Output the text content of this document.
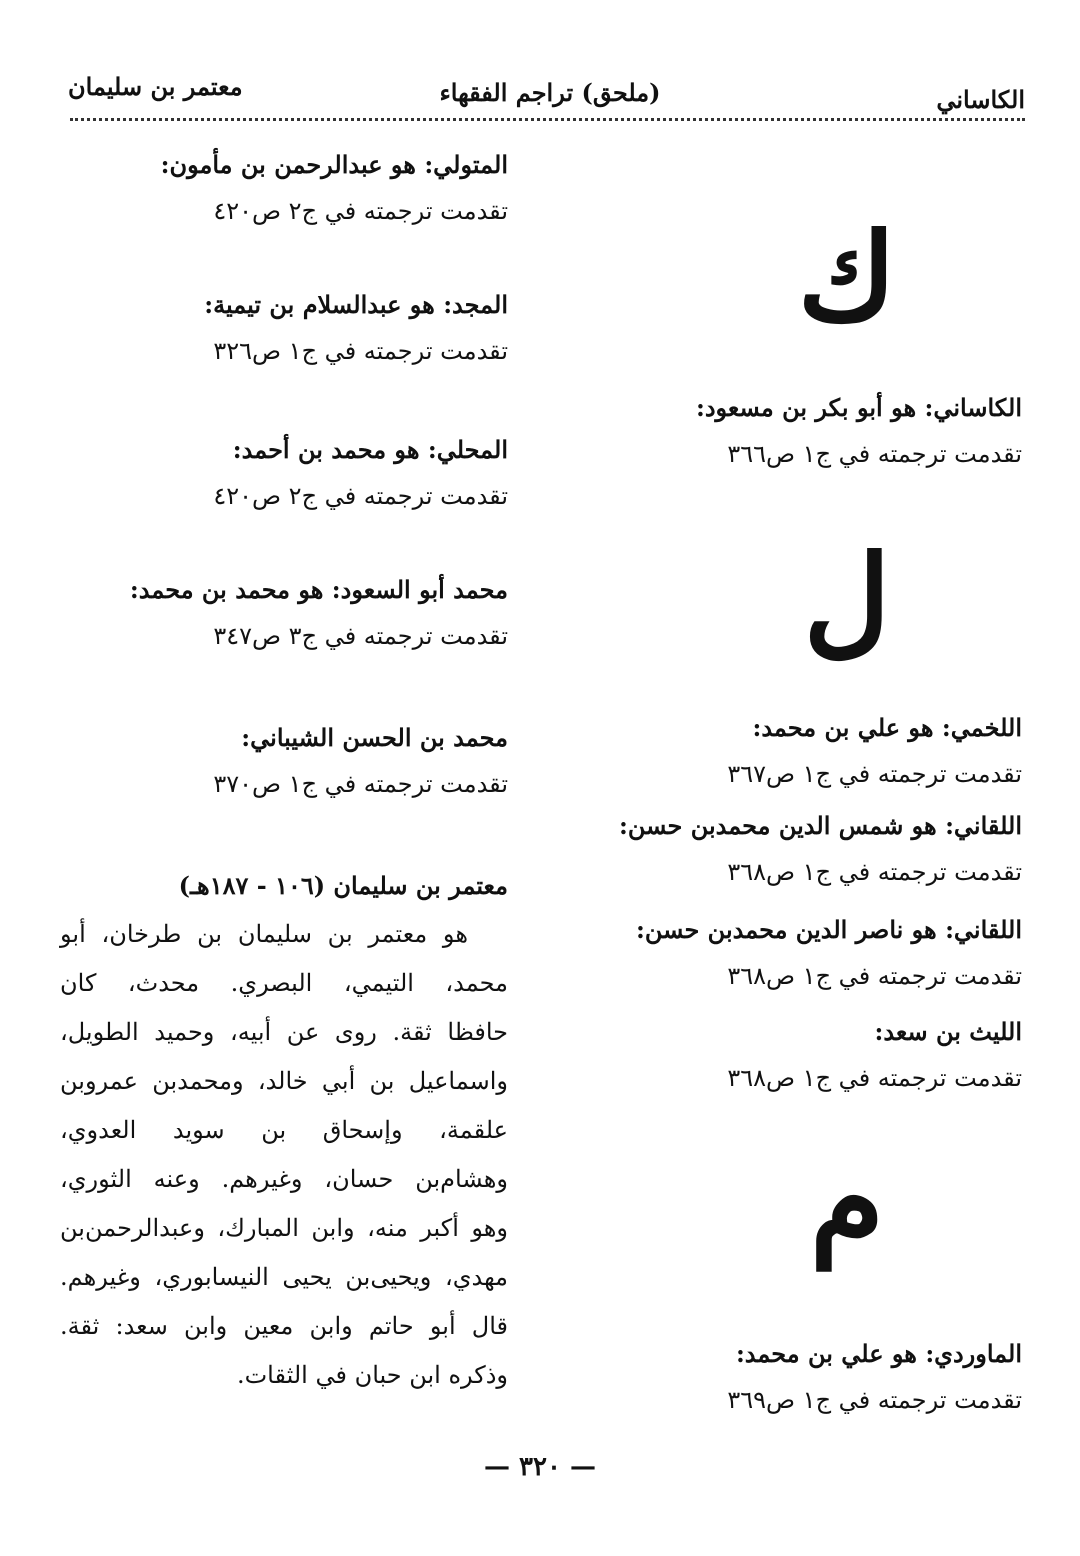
الكاساني
(ملحق) تراجم الفقهاء
معتمر بن سليمان
ك
الكاساني: هو أبو بكر بن مسعود:
تقدمت ترجمته في ج١ ص٣٦٦
ل
اللخمي: هو علي بن محمد:
تقدمت ترجمته في ج١ ص٣٦٧
اللقاني: هو شمس الدين محمدبن حسن:
تقدمت ترجمته في ج١ ص٣٦٨
اللقاني: هو ناصر الدين محمدبن حسن:
تقدمت ترجمته في ج١ ص٣٦٨
الليث بن سعد:
تقدمت ترجمته في ج١ ص٣٦٨
م
الماوردي: هو علي بن محمد:
تقدمت ترجمته في ج١ ص٣٦٩
المتولي: هو عبدالرحمن بن مأمون:
تقدمت ترجمته في ج٢ ص٤٢٠
المجد: هو عبدالسلام بن تيمية:
تقدمت ترجمته في ج١ ص٣٢٦
المحلي: هو محمد بن أحمد:
تقدمت ترجمته في ج٢ ص٤٢٠
محمد أبو السعود: هو محمد بن محمد:
تقدمت ترجمته في ج٣ ص٣٤٧
محمد بن الحسن الشيباني:
تقدمت ترجمته في ج١ ص٣٧٠
معتمر بن سليمان (١٠٦ - ١٨٧هـ)

هو معتمر بن سليمان بن طرخان، أبو

محمد، التيمي، البصري. محدث، كان

حافظا ثقة. روى عن أبيه، وحميد الطويل،

واسماعيل بن أبي خالد، ومحمدبن عمروبن

علقمة، وإسحاق بن سويد العدوي،

وهشام‌بن حسان، وغيرهم. وعنه الثوري،

وهو أكبر منه، وابن المبارك، وعبدالرحمن‌بن

مهدي، ويحيى‌بن يحيى النيسابوري، وغيرهم.

قال أبو حاتم وابن معين وابن سعد: ثقة.

وذكره ابن حبان في الثقات.

— ٣٢٠ —
